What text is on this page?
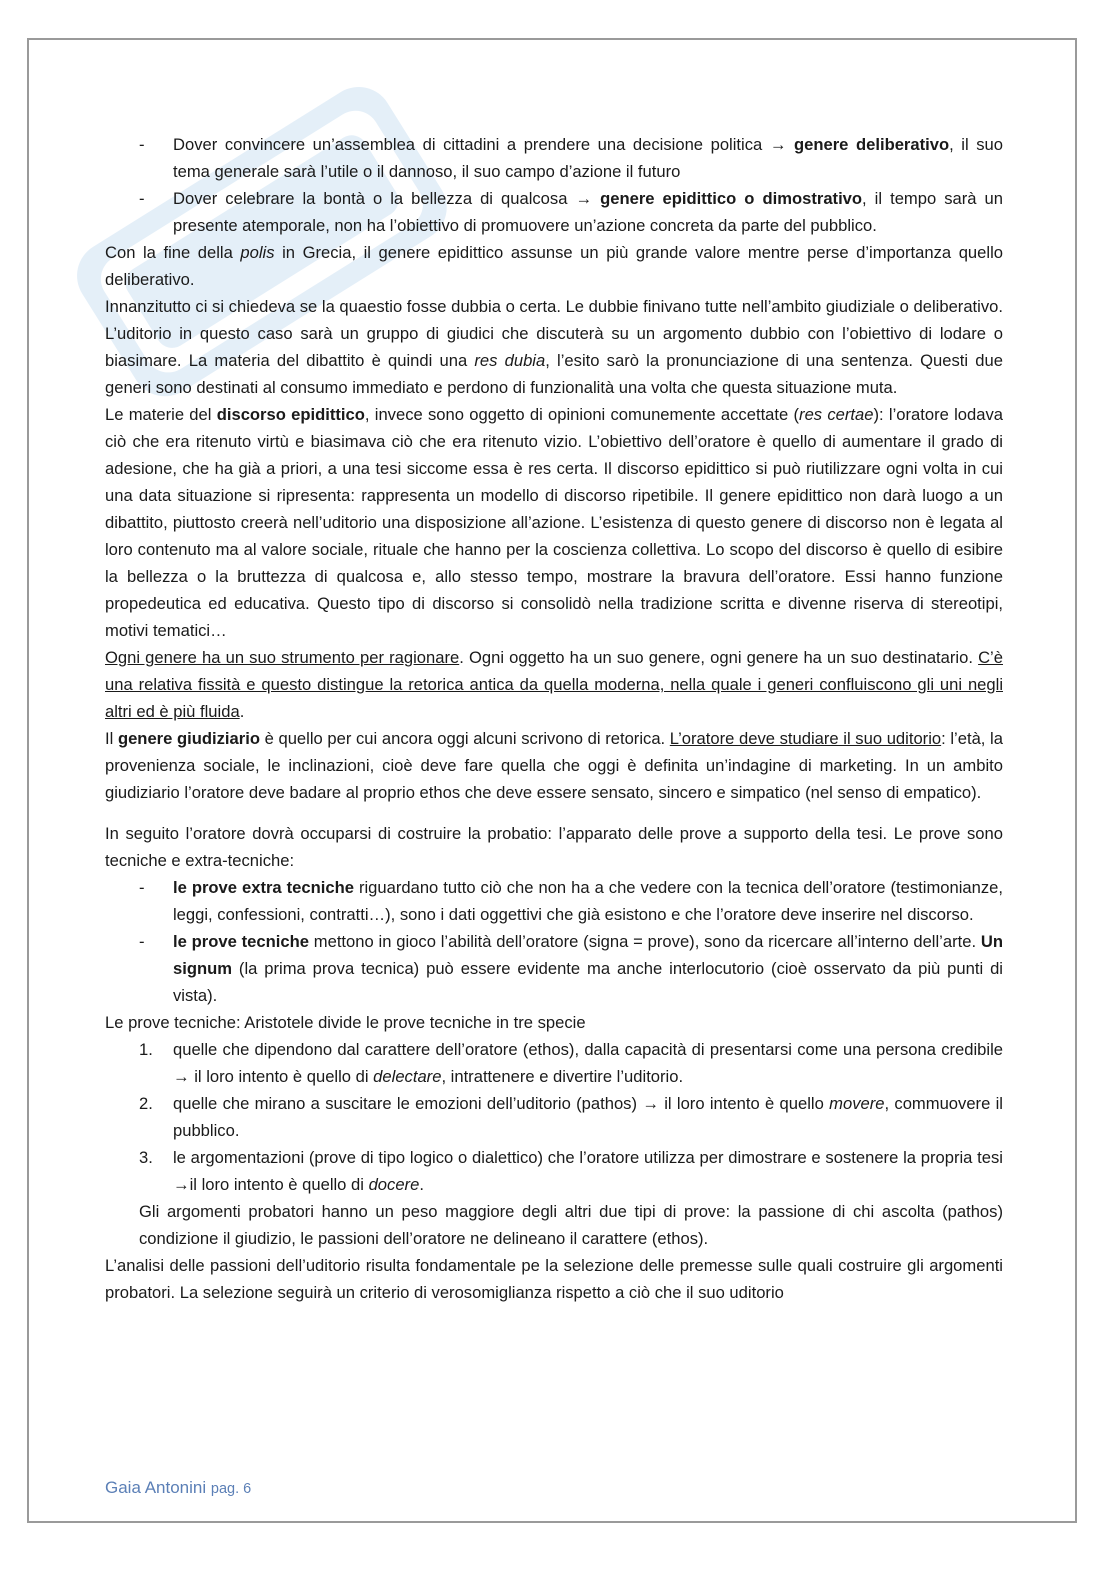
- Dover convincere un’assemblea di cittadini a prendere una decisione politica → genere deliberativo, il suo tema generale sarà l’utile o il dannoso, il suo campo d’azione il futuro

- Dover celebrare la bontà o la bellezza di qualcosa → genere epidittico o dimostrativo, il tempo sarà un presente atemporale, non ha l’obiettivo di promuovere un’azione concreta da parte del pubblico.

Con la fine della polis in Grecia, il genere epidittico assunse un più grande valore mentre perse d’importanza quello deliberativo.

Innanzitutto ci si chiedeva se la quaestio fosse dubbia o certa. Le dubbie finivano tutte nell’ambito giudiziale o deliberativo. L’uditorio in questo caso sarà un gruppo di giudici che discuterà su un argomento dubbio con l’obiettivo di lodare o biasimare. La materia del dibattito è quindi una res dubia, l’esito sarò la pronunciazione di una sentenza. Questi due generi sono destinati al consumo immediato e perdono di funzionalità una volta che questa situazione muta.

Le materie del discorso epidittico, invece sono oggetto di opinioni comunemente accettate (res certae): l’oratore lodava ciò che era ritenuto virtù e biasimava ciò che era ritenuto vizio. L’obiettivo dell’oratore è quello di aumentare il grado di adesione, che ha già a priori, a una tesi siccome essa è res certa. Il discorso epidittico si può riutilizzare ogni volta in cui una data situazione si ripresenta: rappresenta un modello di discorso ripetibile. Il genere epidittico non darà luogo a un dibattito, piuttosto creerà nell’uditorio una disposizione all’azione. L’esistenza di questo genere di discorso non è legata al loro contenuto ma al valore sociale, rituale che hanno per la coscienza collettiva. Lo scopo del discorso è quello di esibire la bellezza o la bruttezza di qualcosa e, allo stesso tempo, mostrare la bravura dell’oratore. Essi hanno funzione propedeutica ed educativa. Questo tipo di discorso si consolidò nella tradizione scritta e divenne riserva di stereotipi, motivi tematici…

Ogni genere ha un suo strumento per ragionare. Ogni oggetto ha un suo genere, ogni genere ha un suo destinatario. C’è una relativa fissità e questo distingue la retorica antica da quella moderna, nella quale i generi confluiscono gli uni negli altri ed è più fluida.

Il genere giudiziario è quello per cui ancora oggi alcuni scrivono di retorica. L’oratore deve studiare il suo uditorio: l’età, la provenienza sociale, le inclinazioni, cioè deve fare quella che oggi è definita un’indagine di marketing. In un ambito giudiziario l’oratore deve badare al proprio ethos che deve essere sensato, sincero e simpatico (nel senso di empatico).

In seguito l’oratore dovrà occuparsi di costruire la probatio: l’apparato delle prove a supporto della tesi. Le prove sono tecniche e extra-tecniche:

- le prove extra tecniche riguardano tutto ciò che non ha a che vedere con la tecnica dell’oratore (testimonianze, leggi, confessioni, contratti…), sono i dati oggettivi che già esistono e che l’oratore deve inserire nel discorso.

- le prove tecniche mettono in gioco l’abilità dell’oratore (signa = prove), sono da ricercare all’interno dell’arte. Un signum (la prima prova tecnica) può essere evidente ma anche interlocutorio (cioè osservato da più punti di vista).

Le prove tecniche: Aristotele divide le prove tecniche in tre specie

1. quelle che dipendono dal carattere dell’oratore (ethos), dalla capacità di presentarsi come una persona credibile → il loro intento è quello di delectare, intrattenere e divertire l’uditorio.

2. quelle che mirano a suscitare le emozioni dell’uditorio (pathos) → il loro intento è quello movere, commuovere il pubblico.

3. le argomentazioni (prove di tipo logico o dialettico) che l’oratore utilizza per dimostrare e sostenere la propria tesi →il loro intento è quello di docere.

Gli argomenti probatori hanno un peso maggiore degli altri due tipi di prove: la passione di chi ascolta (pathos) condizione il giudizio, le passioni dell’oratore ne delineano il carattere (ethos).

L’analisi delle passioni dell’uditorio risulta fondamentale pe la selezione delle premesse sulle quali costruire gli argomenti probatori. La selezione seguirà un criterio di verosomiglianza rispetto a ciò che il suo uditorio

Gaia Antonini pag. 6
